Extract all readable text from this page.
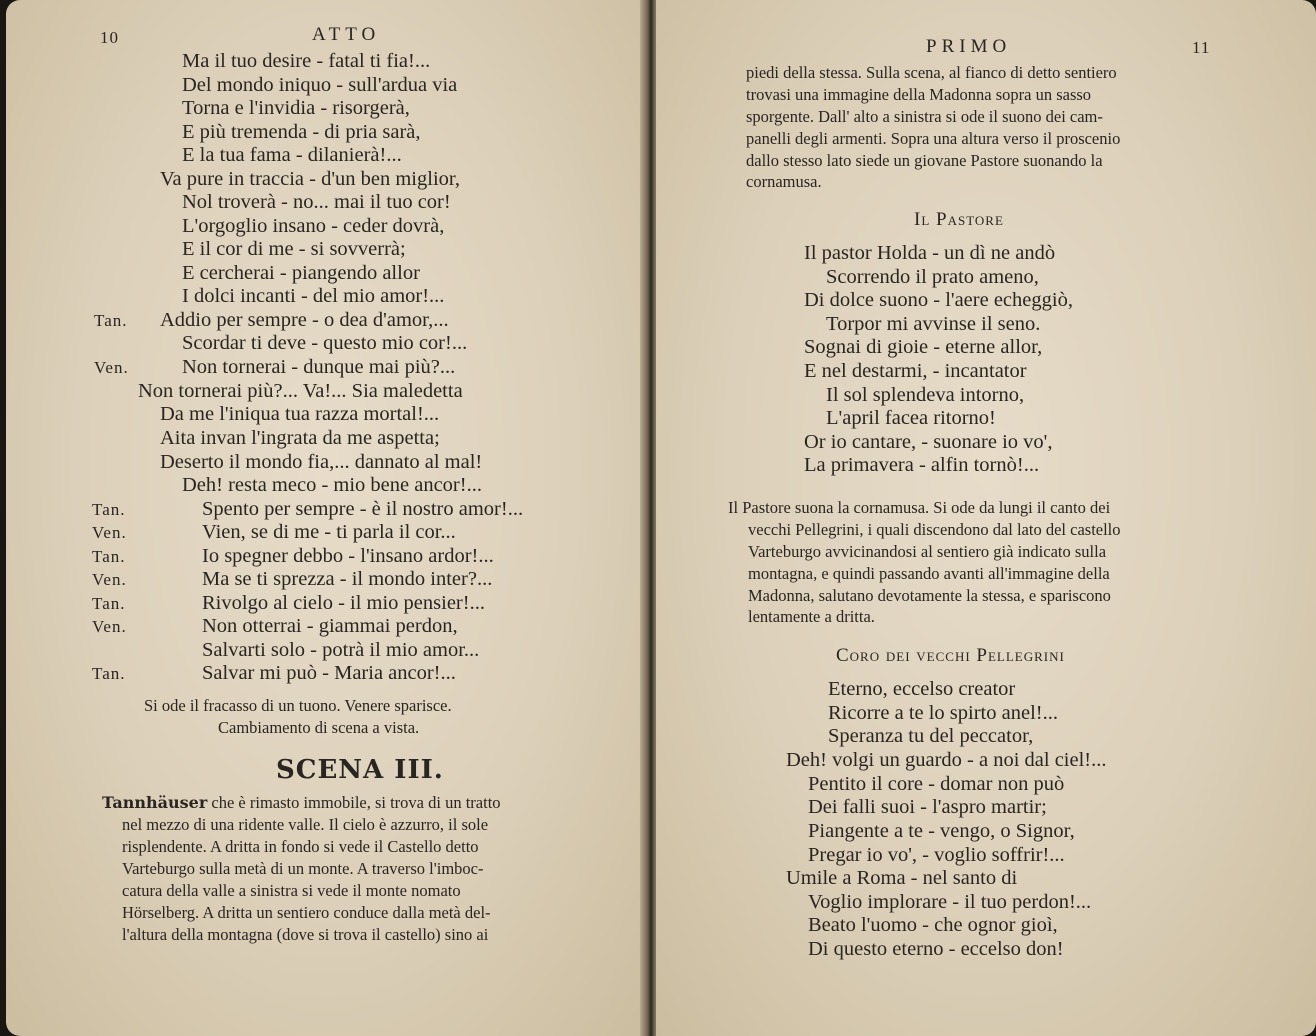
10	ATTO
Ma il tuo desire - fatal ti fia!...
Del mondo iniquo - sull'ardua via
Torna e l'invidia - risorgerà,
E più tremenda - di pria sarà,
E la tua fama - dilanierà!...
Va pure in traccia - d'un ben miglior,
Nol troverà - no... mai il tuo cor!
L'orgoglio insano - ceder dovrà,
E il cor di me - si sovverrà;
E cercherai - piangendo allor
I dolci incanti - del mio amor!...
Tan. Addio per sempre - o dea d'amor,...
Scordar ti deve - questo mio cor!...
Ven.	Non tornerai - dunque mai più?...
Non tornerai più?... Va!... Sia maledetta
Da me l'iniqua tua razza mortal!...
Aita invan l'ingrata da me aspetta;
Deserto il mondo fia,... dannato al mal!
Deh! resta meco - mio bene ancor!...
Tan.	Spento per sempre - è il nostro amor!...
Ven.	Vien, se di me - ti parla il cor...
Tan.	Io spegner debbo - l'insano ardor!...
Ven.	Ma se ti sprezza - il mondo inter?...
Tan.	Rivolgo al cielo - il mio pensier!...
Ven.	Non otterrai - giammai perdon,
Salvarti solo - potrà il mio amor...
Tan.	Salvar mi può - Maria ancor!...
Si ode il fracasso di un tuono. Venere sparisce.
Cambiamento di scena a vista.
SCENA III.
Tannhäuser che è rimasto immobile, si trova di un tratto
nel mezzo di una ridente valle. Il cielo è azzurro, il sole
risplendente. A dritta in fondo si vede il Castello detto
Varteburgo sulla metà di un monte. A traverso l'imboc-
catura della valle a sinistra si vede il monte nomato
Hörselberg. A dritta un sentiero conduce dalla metà del-
l'altura della montagna (dove si trova il castello) sino ai
PRIMO	11
piedi della stessa. Sulla scena, al fianco di detto sentiero
trovasi una immagine della Madonna sopra un sasso
sporgente. Dall' alto a sinistra si ode il suono dei cam-
panelli degli armenti. Sopra una altura verso il proscenio
dallo stesso lato siede un giovane Pastore suonando la
cornamusa.
Il Pastore
Il pastor Holda - un dì ne andò
Scorrendo il prato ameno,
Di dolce suono - l'aere echeggiò,
Torpor mi avvinse il seno.
Sognai di gioie - eterne allor,
E nel destarmi, - incantator
Il sol splendeva intorno,
L'april facea ritorno!
Or io cantare, - suonare io vo',
La primavera - alfin tornò!...
Il Pastore suona la cornamusa. Si ode da lungi il canto dei
vecchi Pellegrini, i quali discendono dal lato del castello
Varteburgo avvicinandosi al sentiero già indicato sulla
montagna, e quindi passando avanti all'immagine della
Madonna, salutano devotamente la stessa, e spariscono
lentamente a dritta.
Coro dei vecchi Pellegrini
Eterno, eccelso creator
Ricorre a te lo spirto anel!...
Speranza tu del peccator,
Deh! volgi un guardo - a noi dal ciel!...
Pentito il core - domar non può
Dei falli suoi - l'aspro martir;
Piangente a te - vengo, o Signor,
Pregar io vo', - voglio soffrir!...
Umile a Roma - nel santo di
Voglio implorare - il tuo perdon!...
Beato l'uomo - che ognor gioì,
Di questo eterno - eccelso don!
